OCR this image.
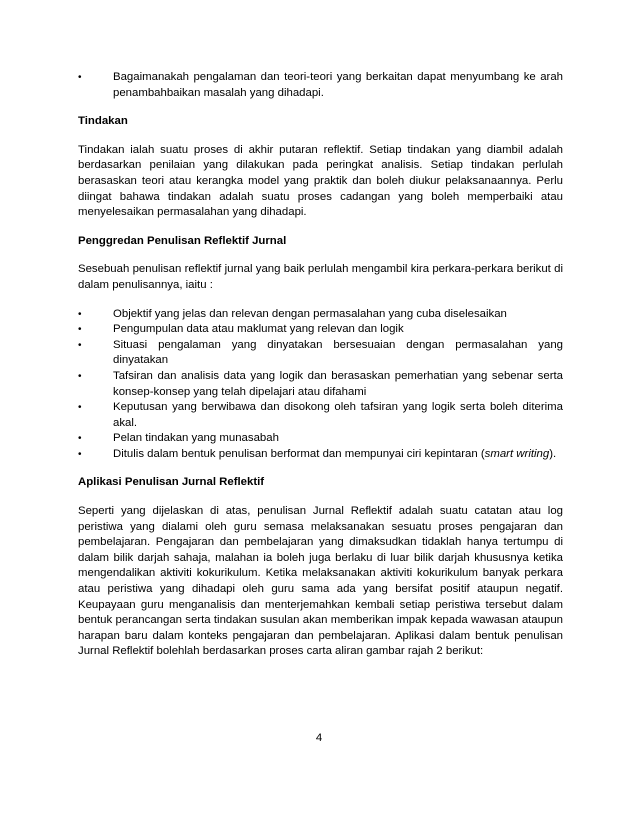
•	Bagaimanakah pengalaman dan teori-teori yang berkaitan dapat menyumbang ke arah penambahbaikan masalah yang dihadapi.
Tindakan
Tindakan ialah suatu proses di akhir putaran reflektif. Setiap tindakan yang diambil adalah berdasarkan penilaian yang dilakukan pada peringkat analisis. Setiap tindakan perlulah berasaskan teori atau kerangka model yang praktik dan boleh diukur pelaksanaannya. Perlu diingat bahawa tindakan adalah suatu proses cadangan yang boleh memperbaiki atau menyelesaikan permasalahan yang dihadapi.
Penggredan Penulisan Reflektif Jurnal
Sesebuah penulisan reflektif jurnal yang baik perlulah mengambil kira perkara-perkara berikut di dalam penulisannya, iaitu :
•	Objektif yang jelas dan relevan dengan permasalahan yang cuba diselesaikan
•	Pengumpulan data atau maklumat yang relevan dan logik
•	Situasi pengalaman yang dinyatakan bersesuaian dengan permasalahan yang dinyatakan
•	Tafsiran dan analisis data yang logik dan berasaskan pemerhatian yang sebenar serta konsep-konsep yang telah dipelajari atau difahami
•	Keputusan yang berwibawa dan disokong oleh tafsiran yang logik serta boleh diterima akal.
•	Pelan tindakan yang munasabah
•	Ditulis dalam bentuk penulisan berformat dan mempunyai ciri kepintaran (smart writing).
Aplikasi Penulisan Jurnal Reflektif
Seperti yang dijelaskan di atas, penulisan Jurnal Reflektif adalah suatu catatan atau log peristiwa yang dialami oleh guru semasa melaksanakan sesuatu proses pengajaran dan pembelajaran. Pengajaran dan pembelajaran yang dimaksudkan tidaklah hanya tertumpu di dalam bilik darjah sahaja, malahan ia boleh juga berlaku di luar bilik darjah khususnya ketika mengendalikan aktiviti kokurikulum. Ketika melaksanakan aktiviti kokurikulum banyak perkara atau peristiwa yang dihadapi oleh guru sama ada yang bersifat positif ataupun negatif. Keupayaan guru menganalisis dan menterjemahkan kembali setiap peristiwa tersebut dalam bentuk perancangan serta tindakan susulan akan memberikan impak kepada wawasan ataupun harapan baru dalam konteks pengajaran dan pembelajaran. Aplikasi dalam bentuk penulisan Jurnal Reflektif bolehlah berdasarkan proses carta aliran gambar rajah 2 berikut:
4
